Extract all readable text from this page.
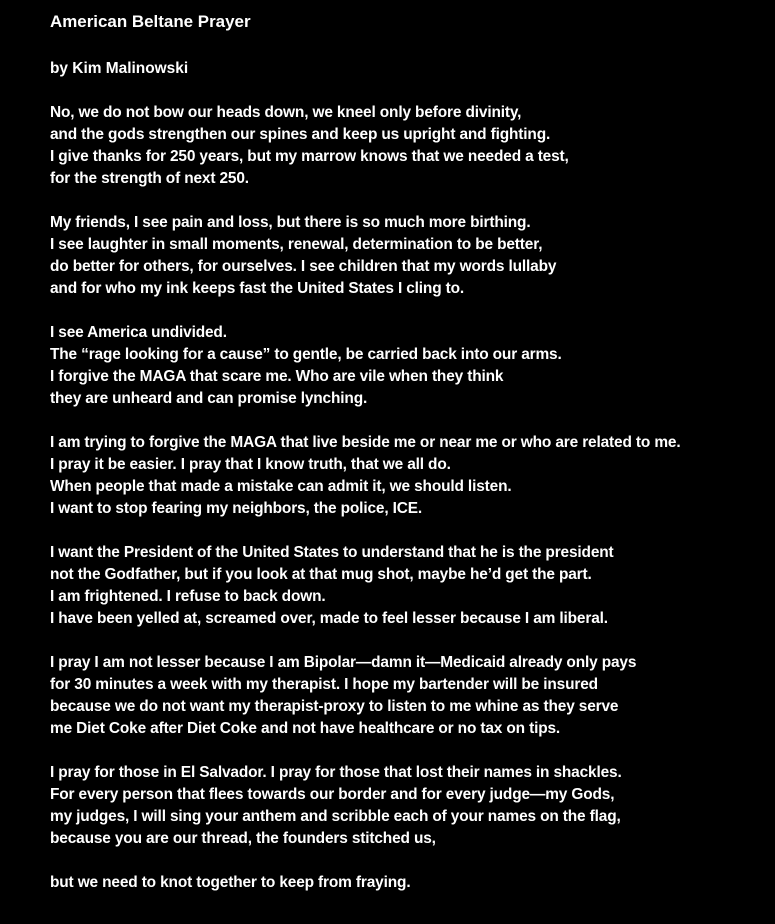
American Beltane Prayer

by Kim Malinowski

No, we do not bow our heads down, we kneel only before divinity,
and the gods strengthen our spines and keep us upright and fighting.
I give thanks for 250 years, but my marrow knows that we needed a test,
for the strength of next 250.
My friends, I see pain and loss, but there is so much more birthing.
I see laughter in small moments, renewal, determination to be better,
do better for others, for ourselves. I see children that my words lullaby
and for who my ink keeps fast the United States I cling to.
I see America undivided.
The “rage looking for a cause” to gentle, be carried back into our arms.
I forgive the MAGA that scare me. Who are vile when they think
they are unheard and can promise lynching.
I am trying to forgive the MAGA that live beside me or near me or who are related to me.
I pray it be easier. I pray that I know truth, that we all do.
When people that made a mistake can admit it, we should listen.
I want to stop fearing my neighbors, the police, ICE.
I want the President of the United States to understand that he is the president
not the Godfather, but if you look at that mug shot, maybe he’d get the part.
I am frightened. I refuse to back down.
I have been yelled at, screamed over, made to feel lesser because I am liberal.
I pray I am not lesser because I am Bipolar—damn it—Medicaid already only pays
for 30 minutes a week with my therapist. I hope my bartender will be insured
because we do not want my therapist-proxy to listen to me whine as they serve
me Diet Coke after Diet Coke and not have healthcare or no tax on tips.
I pray for those in El Salvador. I pray for those that lost their names in shackles.
For every person that flees towards our border and for every judge—my Gods,
my judges, I will sing your anthem and scribble each of your names on the flag,
because you are our thread, the founders stitched us,
but we need to knot together to keep from fraying.
